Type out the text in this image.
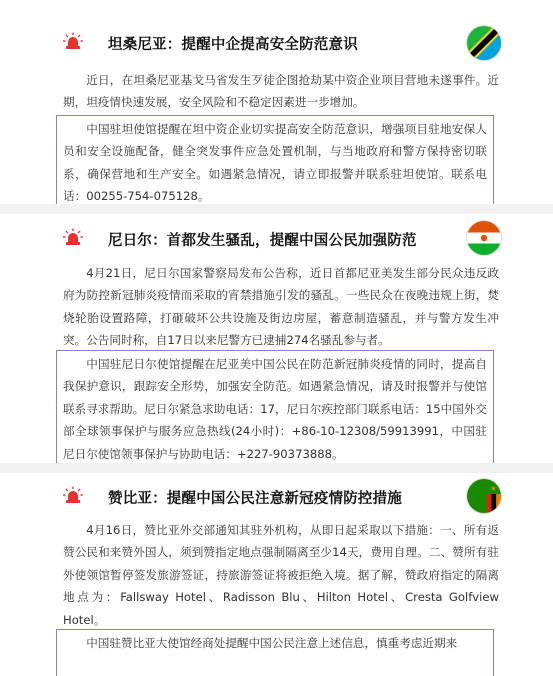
坦桑尼亚：提醒中企提高安全防范意识

近日，在坦桑尼亚基戈马省发生歹徒企图抢劫某中资企业项目营地未遂事件。近期，坦疫情快速发展，安全风险和不稳定因素进一步增加。

中国驻坦使馆提醒在坦中资企业切实提高安全防范意识，增强项目驻地安保人员和安全设施配备，健全突发事件应急处置机制，与当地政府和警方保持密切联系，确保营地和生产安全。如遇紧急情况，请立即报警并联系驻坦使馆。联系电话：00255-754-075128。
尼日尔：首都发生骚乱，提醒中国公民加强防范

4月21日，尼日尔国家警察局发布公告称，近日首都尼亚美发生部分民众违反政府为防控新冠肺炎疫情而采取的宵禁措施引发的骚乱。一些民众在夜晚违规上街，焚烧轮胎设置路障，打砸破坏公共设施及街边房屋，蓄意制造骚乱，并与警方发生冲突。公告同时称，自17日以来尼警方已逮捕274名骚乱参与者。

中国驻尼日尔使馆提醒在尼亚美中国公民在防范新冠肺炎疫情的同时，提高自我保护意识，跟踪安全形势，加强安全防范。如遇紧急情况，请及时报警并与使馆联系寻求帮助。尼日尔紧急求助电话：17，尼日尔疾控部门联系电话：15中国外交部全球领事保护与服务应急热线(24小时)：+86-10-12308/59913991，中国驻尼日尔使馆领事保护与协助电话：+227-90373888。
赞比亚：提醒中国公民注意新冠疫情防控措施

4月16日，赞比亚外交部通知其驻外机构，从即日起采取以下措施：一、所有返赞公民和来赞外国人，须到赞指定地点强制隔离至少14天，费用自理。二、赞所有驻外使领馆暂停签发旅游签证，持旅游签证将被拒绝入境。据了解，赞政府指定的隔离地点为：Fallsway Hotel、Radisson Blu、Hilton Hotel、Cresta Golfview Hotel。

中国驻赞比亚大使馆经商处提醒中国公民注意上述信息，慎重考虑近期来
